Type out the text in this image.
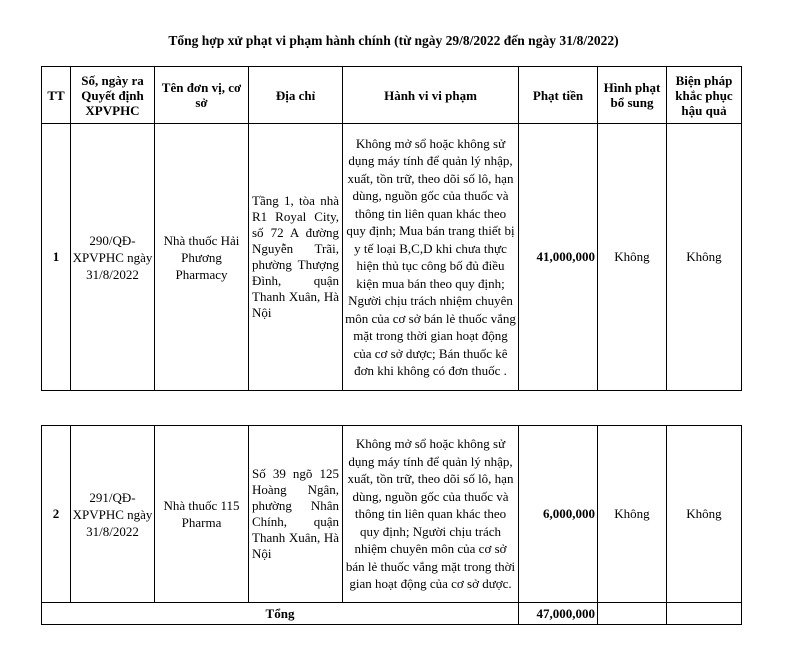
Tổng hợp xử phạt vi phạm hành chính (từ ngày 29/8/2022 đến ngày 31/8/2022)
TT	Số, ngày ra Quyết định XPVPHC	Tên đơn vị, cơ sở	Địa chỉ	Hành vi vi phạm	Phạt tiền	Hình phạt bổ sung	Biện pháp khắc phục hậu quả
1	290/QĐ-XPVPHC ngày 31/8/2022	Nhà thuốc Hải Phương Pharmacy	Tầng 1, tòa nhà R1 Royal City, số 72 A đường Nguyễn Trãi, phường Thượng Đình, quận Thanh Xuân, Hà Nội	Không mở sổ hoặc không sử dụng máy tính để quản lý nhập, xuất, tồn trữ, theo dõi số lô, hạn dùng, nguồn gốc của thuốc và thông tin liên quan khác theo quy định; Mua bán trang thiết bị y tế loại B,C,D khi chưa thực hiện thủ tục công bố đủ điều kiện mua bán theo quy định; Người chịu trách nhiệm chuyên môn của cơ sở bán lẻ thuốc vắng mặt trong thời gian hoạt động của cơ sở dược; Bán thuốc kê đơn khi không có đơn thuốc .	41,000,000	Không	Không
2	291/QĐ-XPVPHC ngày 31/8/2022	Nhà thuốc 115 Pharma	Số 39 ngõ 125 Hoàng Ngân, phường Nhân Chính, quận Thanh Xuân, Hà Nội	Không mở sổ hoặc không sử dụng máy tính để quản lý nhập, xuất, tồn trữ, theo dõi số lô, hạn dùng, nguồn gốc của thuốc và thông tin liên quan khác theo quy định; Người chịu trách nhiệm chuyên môn của cơ sở bán lẻ thuốc vắng mặt trong thời gian hoạt động của cơ sở dược.	6,000,000	Không	Không
Tổng					47,000,000		
